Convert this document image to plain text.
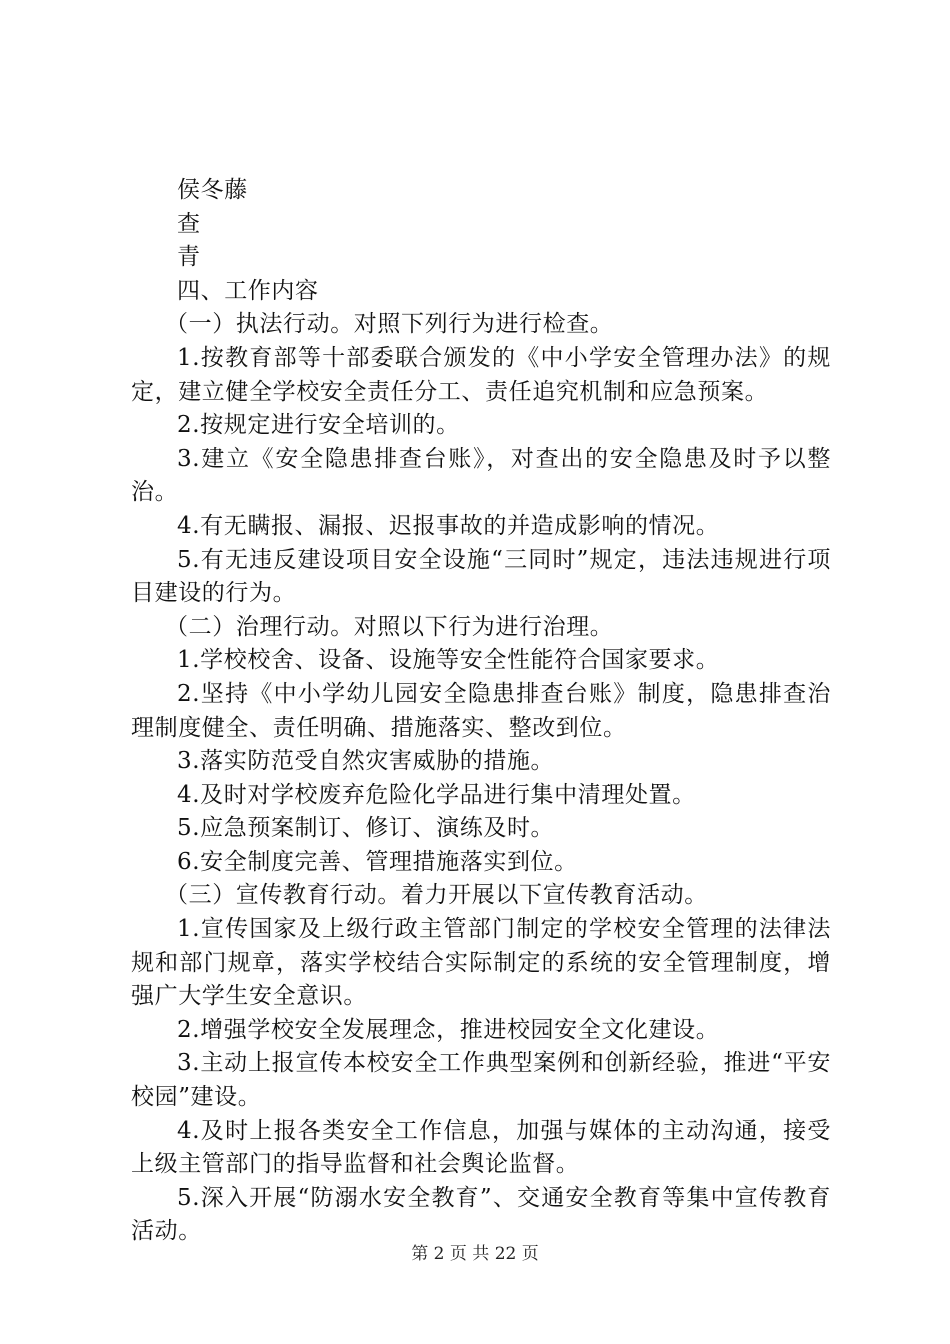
侯冬藤

查

青

四、工作内容

（一）执法行动。对照下列行为进行检查。

1.按教育部等十部委联合颁发的《中小学安全管理办法》的规定，建立健全学校安全责任分工、责任追究机制和应急预案。

2.按规定进行安全培训的。

3.建立《安全隐患排查台账》，对查出的安全隐患及时予以整治。

4.有无瞒报、漏报、迟报事故的并造成影响的情况。

5.有无违反建设项目安全设施“三同时”规定，违法违规进行项目建设的行为。

（二）治理行动。对照以下行为进行治理。

1.学校校舍、设备、设施等安全性能符合国家要求。

2.坚持《中小学幼儿园安全隐患排查台账》制度，隐患排查治理制度健全、责任明确、措施落实、整改到位。

3.落实防范受自然灾害威胁的措施。

4.及时对学校废弃危险化学品进行集中清理处置。

5.应急预案制订、修订、演练及时。

6.安全制度完善、管理措施落实到位。

（三）宣传教育行动。着力开展以下宣传教育活动。

1.宣传国家及上级行政主管部门制定的学校安全管理的法律法规和部门规章，落实学校结合实际制定的系统的安全管理制度，增强广大学生安全意识。

2.增强学校安全发展理念，推进校园安全文化建设。

3.主动上报宣传本校安全工作典型案例和创新经验，推进“平安校园”建设。

4.及时上报各类安全工作信息，加强与媒体的主动沟通，接受上级主管部门的指导监督和社会舆论监督。

5.深入开展“防溺水安全教育”、交通安全教育等集中宣传教育活动。

第 2 页 共 22 页
